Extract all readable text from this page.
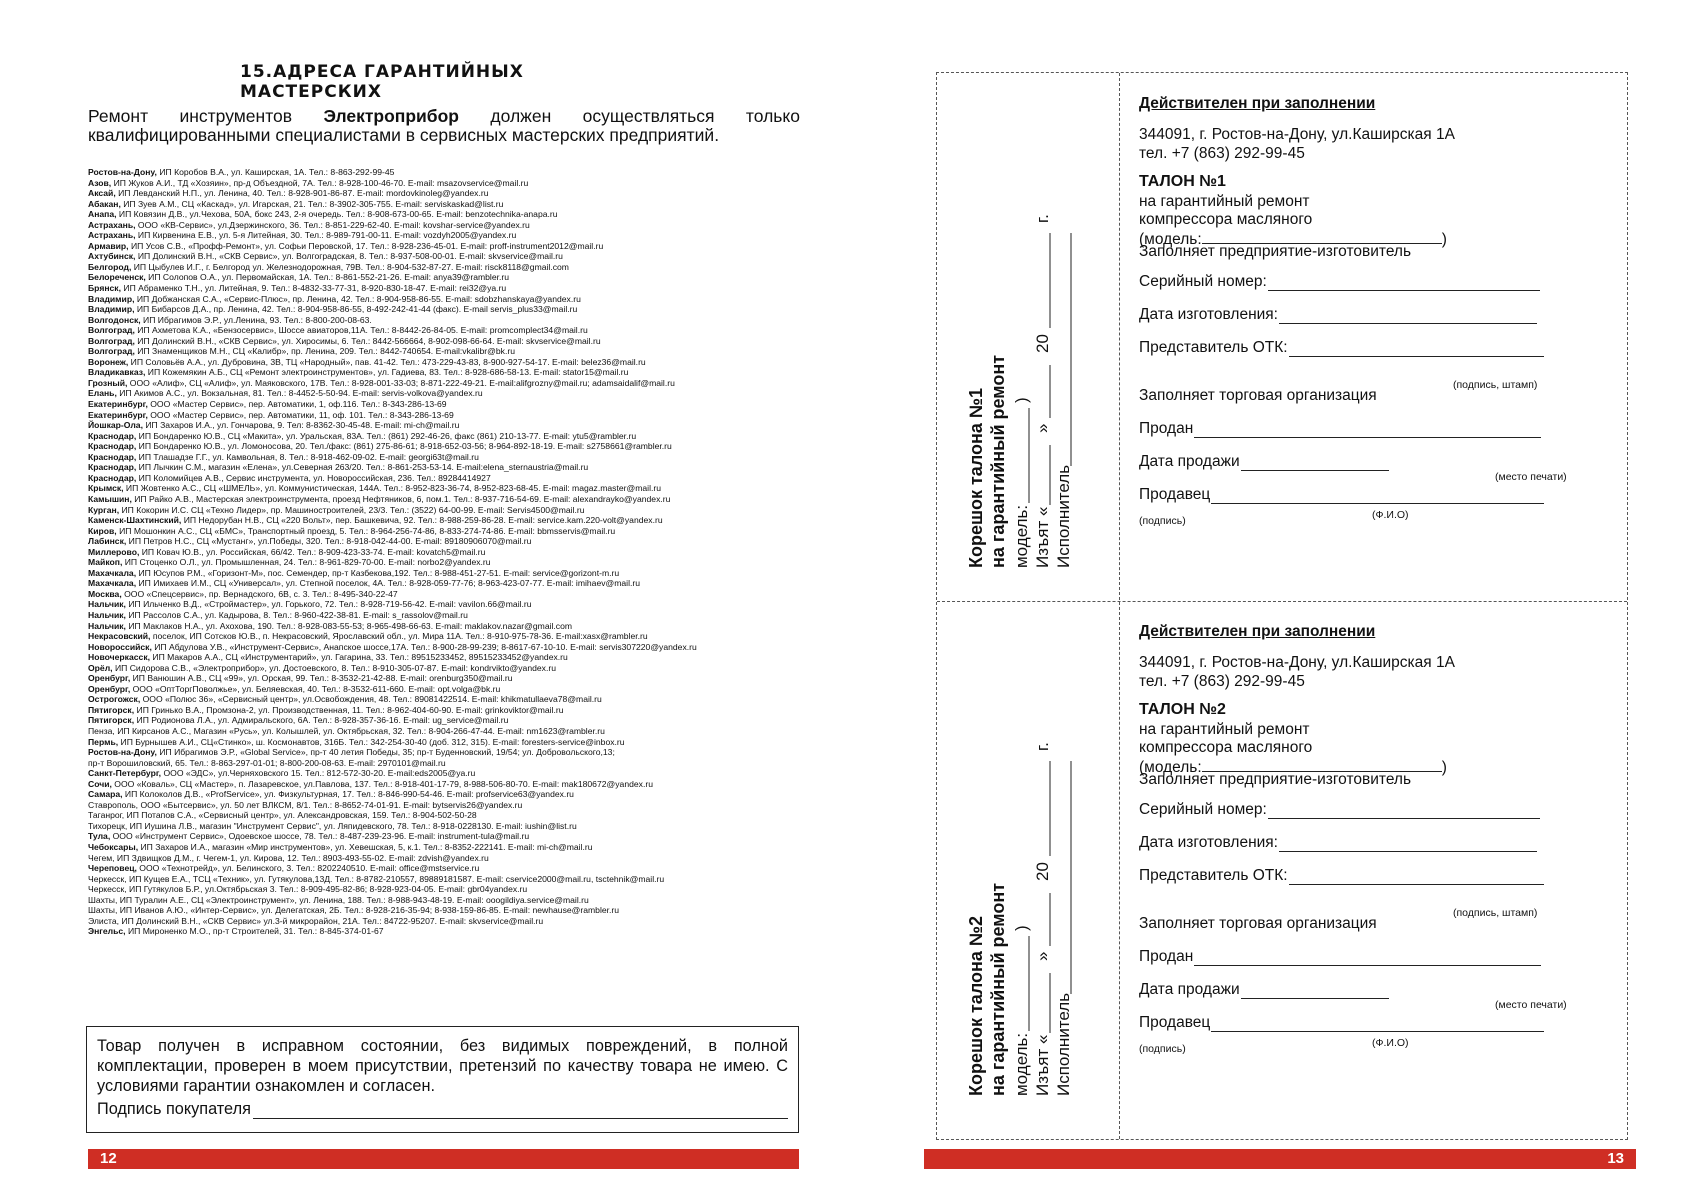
15.АДРЕСА ГАРАНТИЙНЫХ МАСТЕРСКИХ
Ремонт инструментов Электроприбор должен осуществляться только квалифицированными специалистами в сервисных мастерских предприятий.
Ростов-на-Дону, ИП Коробов В.А., ул. Каширская, 1А. Тел.: 8-863-292-99-45
Азов, ИП Жуков А.И., ТД «Хозяин», пр-д Объездной, 7А. Тел.: 8-928-100-46-70. E-mail: msazovservice@mail.ru
Аксай, ИП Левданский Н.П., ул. Ленина, 40. Тел.: 8-928-901-86-87. E-mail: mordovkinoleg@yandex.ru
Абакан, ИП Зуев А.М., СЦ «Каскад», ул. Игарская, 21. Тел.: 8-3902-305-755. E-mail: serviskaskad@list.ru
Анапа, ИП Ковязин Д.В., ул.Чехова, 50А, бокс 243, 2-я очередь. Тел.: 8-908-673-00-65. E-mail: benzotechnika-anapa.ru
Астрахань, ООО «КВ-Сервис», ул.Дзержинского, 36. Тел.: 8-851-229-62-40. E-mail: kovshar-service@yandex.ru
Астрахань, ИП Кирвенина Е.В., ул. 5-я Литейная, 30. Тел.: 8-989-791-00-11. E-mail: vozdyh2005@yandex.ru
Армавир, ИП Усов С.В., «Профф-Ремонт», ул. Софьи Перовской, 17. Тел.: 8-928-236-45-01. E-mail: proff-instrument2012@mail.ru
Ахтубинск, ИП Долинский В.Н., «СКВ Сервис», ул. Волгоградская, 8. Тел.: 8-937-508-00-01. E-mail: skvservice@mail.ru
Белгород, ИП Цыбулев И.Г., г. Белгород ул. Железнодорожная, 79В. Тел.: 8-904-532-87-27. E-mail: risck8118@gmail.com
Белореченск, ИП Солопов О.А., ул. Первомайская, 1А. Тел.: 8-861-552-21-26. E-mail: anya39@rambler.ru
Брянск, ИП Абраменко Т.Н., ул. Литейная, 9. Тел.: 8-4832-33-77-31, 8-920-830-18-47. E-mail: rei32@ya.ru
Владимир, ИП Добжанская С.А., «Сервис-Плюс», пр. Ленина, 42. Тел.: 8-904-958-86-55. E-mail: sdobzhanskaya@yandex.ru
Владимир, ИП Бибарсов Д.А., пр. Ленина, 42. Тел.: 8-904-958-86-55, 8-492-242-41-44 (факс). E-mail servis_plus33@mail.ru
Волгодонск, ИП Ибрагимов Э.Р., ул.Ленина, 93. Тел.: 8-800-200-08-63.
Волгоград, ИП Ахметова К.А., «Бензосервис», Шоссе авиаторов,11А. Тел.: 8-8442-26-84-05. E-mail: promcomplect34@mail.ru
Волгоград, ИП Долинский В.Н., «СКВ Сервис», ул. Хиросимы, 6. Тел.: 8442-566664, 8-902-098-66-64. E-mail: skvservice@mail.ru
Волгоград, ИП Знаменщиков М.Н., СЦ «Калибр», пр. Ленина, 209. Тел.: 8442-740654. E-mail:vkalibr@bk.ru
Воронеж, ИП Соловьёв А.А., ул. Дубровина, 3В, ТЦ «Народный», пав. 41-42. Тел.: 473-229-43-83, 8-900-927-54-17. E-mail: belez36@mail.ru
Владикавказ, ИП Кожемякин А.Б., СЦ «Ремонт электроинструментов», ул. Гадиева, 83. Тел.: 8-928-686-58-13. E-mail: stator15@mail.ru
Грозный, ООО «Алиф», СЦ «Алиф», ул. Маяковского, 17В. Тел.: 8-928-001-33-03; 8-871-222-49-21. E-mail:alifgrozny@mail.ru; adamsaidalif@mail.ru
Елань, ИП Акимов А.С., ул. Вокзальная, 81. Тел.: 8-4452-5-50-94. E-mail: servis-volkova@yandex.ru
Екатеринбург, ООО «Мастер Сервис», пер. Автоматики, 1, оф.116. Тел.: 8-343-286-13-69
Екатеринбург, ООО «Мастер Сервис», пер. Автоматики, 11, оф. 101. Тел.: 8-343-286-13-69
Йошкар-Ола, ИП Захаров И.А., ул. Гончарова, 9. Тел: 8-8362-30-45-48. E-mail: mi-ch@mail.ru
Краснодар, ИП Бондаренко Ю.В., СЦ «Макита», ул. Уральская, 83А. Тел.: (861) 292-46-26, факс (861) 210-13-77. E-mail: ytu5@rambler.ru
Краснодар, ИП Бондаренко Ю.В., ул. Ломоносова, 20. Тел./факс: (861) 275-86-61; 8-918-652-03-56; 8-964-892-18-19. E-mail: s2758661@rambler.ru
Краснодар, ИП Тлашадзе Г.Г., ул. Камвольная, 8. Тел.: 8-918-462-09-02. E-mail: georgi63t@mail.ru
Краснодар, ИП Лычкин С.М., магазин «Елена», ул.Северная 263/20. Тел.: 8-861-253-53-14. E-mail:elena_sternaustria@mail.ru
Краснодар, ИП Коломийцев А.В., Сервис инструмента, ул. Новороссийская, 236. Тел.: 89284414927
Крымск, ИП Жовтенко А.С., СЦ «ШМЕЛЬ», ул. Коммунистическая, 144А. Тел.: 8-952-823-36-74, 8-952-823-68-45. E-mail: magaz.master@mail.ru
Камышин, ИП Райко А.В., Мастерская электроинструмента, проезд Нефтяников, 6, пом.1. Тел.: 8-937-716-54-69. E-mail: alexandrayko@yandex.ru
Курган, ИП Кокорин И.С. СЦ «Техно Лидер», пр. Машиностроителей, 23/3. Тел.: (3522) 64-00-99. E-mail: Servis4500@mail.ru
Каменск-Шахтинский, ИП Недорубан Н.В., СЦ «220 Вольт», пер. Башкевича, 92. Тел.: 8-988-259-86-28. E-mail: service.kam.220-volt@yandex.ru
Киров, ИП Мошонкин А.С., СЦ «БМС», Транспортный проезд, 5. Тел.: 8-964-256-74-86, 8-833-274-74-86. E-mail: bbmsservis@mail.ru
Лабинск, ИП Петров Н.С., СЦ «Мустанг», ул.Победы, 320. Тел.: 8-918-042-44-00. E-mail: 89180906070@mail.ru
Миллерово, ИП Ковач Ю.В., ул. Российская, 66/42. Тел.: 8-909-423-33-74. E-mail: kovatch5@mail.ru
Майкоп, ИП Стоценко О.Л., ул. Промышленная, 24. Тел.: 8-961-829-70-00. E-mail: norbo2@yandex.ru
Махачкала, ИП Юсупов Р.М., «Горизонт-М», пос. Семендер, пр-т Казбекова,192. Тел.: 8-988-451-27-51. E-mail: service@gorizont-m.ru
Махачкала, ИП Имихаев И.М., СЦ «Универсал», ул. Степной поселок, 4А. Тел.: 8-928-059-77-76; 8-963-423-07-77. E-mail: imihaev@mail.ru
Москва, ООО «Спецсервис», пр. Вернадского, 6В, с. 3. Тел.: 8-495-340-22-47
Нальчик, ИП Ильченко В.Д., «Строймастер», ул. Горького, 72. Тел.: 8-928-719-56-42. E-mail: vavilon.66@mail.ru
Нальчик, ИП Рассолов С.А., ул. Кадырова, 8. Тел.: 8-960-422-38-81. E-mail: s_rassolov@mail.ru
Нальчик, ИП Маклаков Н.А., ул. Ахохова, 190. Тел.: 8-928-083-55-53; 8-965-498-66-63. E-mail: maklakov.nazar@gmail.com
Некрасовский, поселок, ИП Сотсков Ю.В., п. Некрасовский, Ярославский обл., ул. Мира 11А. Тел.: 8-910-975-78-36. E-mail:xasx@rambler.ru
Новороссийск, ИП Абдулова У.В., «Инструмент-Сервис», Анапское шоссе,17А. Тел.: 8-900-28-99-239; 8-8617-67-10-10. E-mail: servis307220@yandex.ru
Новочеркасск, ИП Макаров А.А., СЦ «Инструментарий», ул. Гагарина, 33. Тел.: 89515233452, 89515233452@yandex.ru
Орёл, ИП Сидорова С.В., «Электроприбор», ул. Достоевского, 8. Тел.: 8-910-305-07-87. E-mail: kondrvikto@yandex.ru
Оренбург, ИП Ванюшин А.В., СЦ «99», ул. Орская, 99. Тел.: 8-3532-21-42-88. E-mail: orenburg350@mail.ru
Оренбург, ООО «ОптТоргПоволжье», ул. Беляевская, 40. Тел.: 8-3532-611-660. E-mail: opt.volga@bk.ru
Острогожск, ООО «Полюс 36», «Сервисный центр», ул.Освобождения, 48. Тел.: 89081422514. E-mail: khikmatullaeva78@mail.ru
Пятигорск, ИП Гринько В.А., Промзона-2, ул. Производственная, 11. Тел.: 8-962-404-60-90. E-mail: grinkoviktor@mail.ru
Пятигорск, ИП Родионова Л.А., ул. Адмиральского, 6А. Тел.: 8-928-357-36-16. E-mail: ug_service@mail.ru
Пенза, ИП Кирсанов А.С., Магазин «Русь», ул. Колышлей, ул. Октябрьская, 32. Тел.: 8-904-266-47-44. E-mail: nm1623@rambler.ru
Пермь, ИП Бурнышев А.И., СЦ«Стинко», ш. Космонавтов, 316Б. Тел.: 342-254-30-40 (доб. 312, 315). E-mail: foresters-service@inbox.ru
Ростов-на-Дону, ИП Ибрагимов Э.Р., «Global Service», пр-т 40 летия Победы, 35; пр-т Буденновский, 19/54; ул. Добровольского,13;
пр-т Ворошиловский, 65. Тел.: 8-863-297-01-01; 8-800-200-08-63. E-mail: 2970101@mail.ru
Санкт-Петербург, ООО «ЭДС», ул.Черняховского 15. Тел.: 812-572-30-20. E-mail:eds2005@ya.ru
Сочи, ООО «Коваль», СЦ «Мастер», п. Лазаревское, ул.Павлова, 137. Тел.: 8-918-401-17-79, 8-988-506-80-70. E-mail: mak180672@yandex.ru
Самара, ИП Колоколов Д.В., «ProfService», ул. Физкультурная, 17. Тел.: 8-846-990-54-46. E-mail: profservice63@yandex.ru
Ставрополь, ООО «Бытсервис», ул. 50 лет ВЛКСМ, 8/1. Тел.: 8-8652-74-01-91. E-mail: bytservis26@yandex.ru
Таганрог, ИП Потапов С.А., «Сервисный центр», ул. Александровская, 159. Тел.: 8-904-502-50-28
Тихорецк, ИП Иушина Л.В., магазин "Инструмент Сервис", ул. Ляпидевского, 78. Тел.: 8-918-0228130. E-mail: iushin@list.ru
Тула, ООО «Инструмент Сервис», Одоевское шоссе, 78. Тел.: 8-487-239-23-96. E-mail: instrument-tula@mail.ru
Чебоксары, ИП Захаров И.А., магазин «Мир инструментов», ул. Хевешская, 5, к.1. Тел.: 8-8352-222141. E-mail: mi-ch@mail.ru
Чегем, ИП Здвищков Д.М., г. Чегем-1, ул. Кирова, 12. Тел.: 8903-493-55-02. E-mail: zdvish@yandex.ru
Череповец, ООО «Технотрейд», ул. Белинского, 3. Тел.: 8202240510. E-mail: office@mstservice.ru
Черкесск, ИП Кущев Е.А., ТСЦ «Техник», ул. Гутякулова,13Д. Тел.: 8-8782-210557, 89889181587. E-mail: cservice2000@mail.ru, tsctehnik@mail.ru
Черкесск, ИП Гутякулов Б.Р., ул.Октябрьская 3. Тел.: 8-909-495-82-86; 8-928-923-04-05. E-mail: gbr04yandex.ru
Шахты, ИП Туралин А.Е., СЦ «Электроинструмент», ул. Ленина, 188. Тел.: 8-988-943-48-19. E-mail: ooogildiya.service@mail.ru
Шахты, ИП Иванов А.Ю., «Интер-Сервис», ул. Делегатская, 2Б. Тел.: 8-928-216-35-94; 8-938-159-86-85. E-mail: newhause@rambler.ru
Элиста, ИП Долинский В.Н., «СКВ Сервис» ул.3-й микрорайон, 21А. Тел.: 84722-95207. E-mail: skvservice@mail.ru
Энгельс, ИП Мироненко М.О., пр-т Строителей, 31. Тел.: 8-845-374-01-67
Товар получен в исправном состоянии, без видимых повреждений, в полной комплектации, проверен в моем присутствии, претензий по качеству товара не имею. С условиями гарантии ознакомлен и согласен.
Подпись покупателя
12	13
Корешок талона №1 на гарантийный ремонт модель: Изъят «
»
20
г.
)
Исполнитель
Действителен при заполнении
344091, г. Ростов-на-Дону, ул.Каширская 1А
тел. +7 (863) 292-99-45
ТАЛОН №1
на гарантийный ремонт
компрессора масляного
(модель:	)
Заполняет предприятие-изготовитель
Серийный номер:
Дата изготовления:
Представитель ОТК:
(подпись, штамп)
Заполняет торговая организация
Продан
Дата продажи
(место печати)
Продавец
(подпись)	(Ф.И.О)
Корешок талона №2 на гарантийный ремонт модель: Изъят «
»
20
г.
)
Исполнитель
Действителен при заполнении
344091, г. Ростов-на-Дону, ул.Каширская 1А
тел. +7 (863) 292-99-45
ТАЛОН №2
на гарантийный ремонт
компрессора масляного
(модель:	)
Заполняет предприятие-изготовитель
Серийный номер:
Дата изготовления:
Представитель ОТК:
(подпись, штамп)
Заполняет торговая организация
Продан
Дата продажи
(место печати)
Продавец
(подпись)	(Ф.И.О)
